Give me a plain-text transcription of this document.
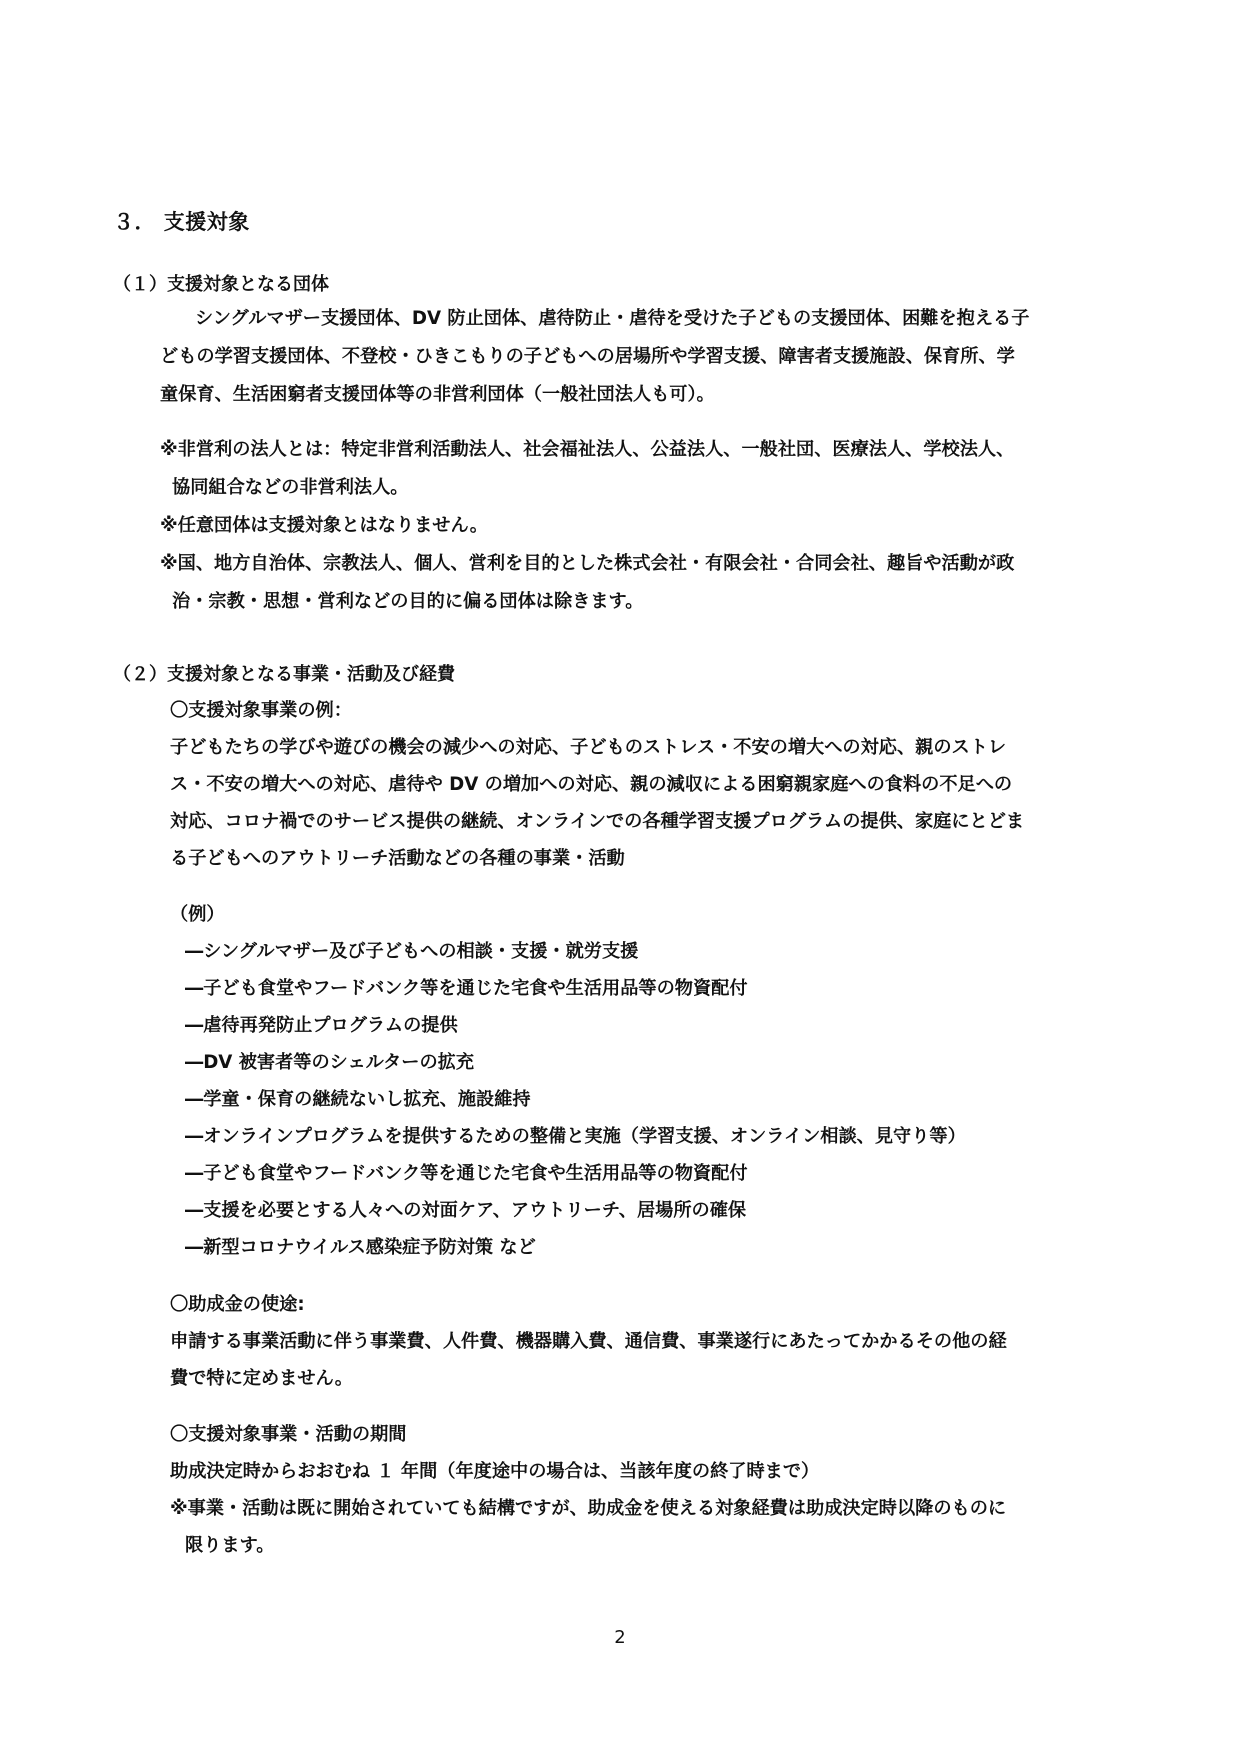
３． 支援対象
（１）支援対象となる団体
シングルマザー支援団体、DV 防止団体、虐待防止・虐待を受けた子どもの支援団体、困難を抱える子
どもの学習支援団体、不登校・ひきこもりの子どもへの居場所や学習支援、障害者支援施設、保育所、学
童保育、生活困窮者支援団体等の非営利団体（一般社団法人も可）。
※非営利の法人とは：特定非営利活動法人、社会福祉法人、公益法人、一般社団、医療法人、学校法人、
協同組合などの非営利法人。
※任意団体は支援対象とはなりません。
※国、地方自治体、宗教法人、個人、営利を目的とした株式会社・有限会社・合同会社、趣旨や活動が政
治・宗教・思想・営利などの目的に偏る団体は除きます。
（２）支援対象となる事業・活動及び経費
〇支援対象事業の例：
子どもたちの学びや遊びの機会の減少への対応、子どものストレス・不安の増大への対応、親のストレ
ス・不安の増大への対応、虐待や DV の増加への対応、親の減収による困窮親家庭への食料の不足への
対応、コロナ禍でのサービス提供の継続、オンラインでの各種学習支援プログラムの提供、家庭にとどま
る子どもへのアウトリーチ活動などの各種の事業・活動
（例）
―シングルマザー及び子どもへの相談・支援・就労支援
―子ども食堂やフードバンク等を通じた宅食や生活用品等の物資配付
―虐待再発防止プログラムの提供
―DV 被害者等のシェルターの拡充
―学童・保育の継続ないし拡充、施設維持
―オンラインプログラムを提供するための整備と実施（学習支援、オンライン相談、見守り等）
―子ども食堂やフードバンク等を通じた宅食や生活用品等の物資配付
―支援を必要とする人々への対面ケア、アウトリーチ、居場所の確保
―新型コロナウイルス感染症予防対策 など
〇助成金の使途:
申請する事業活動に伴う事業費、人件費、機器購入費、通信費、事業遂行にあたってかかるその他の経
費で特に定めません。
〇支援対象事業・活動の期間
助成決定時からおおむね １ 年間（年度途中の場合は、当該年度の終了時まで）
※事業・活動は既に開始されていても結構ですが、助成金を使える対象経費は助成決定時以降のものに
限ります。
2
